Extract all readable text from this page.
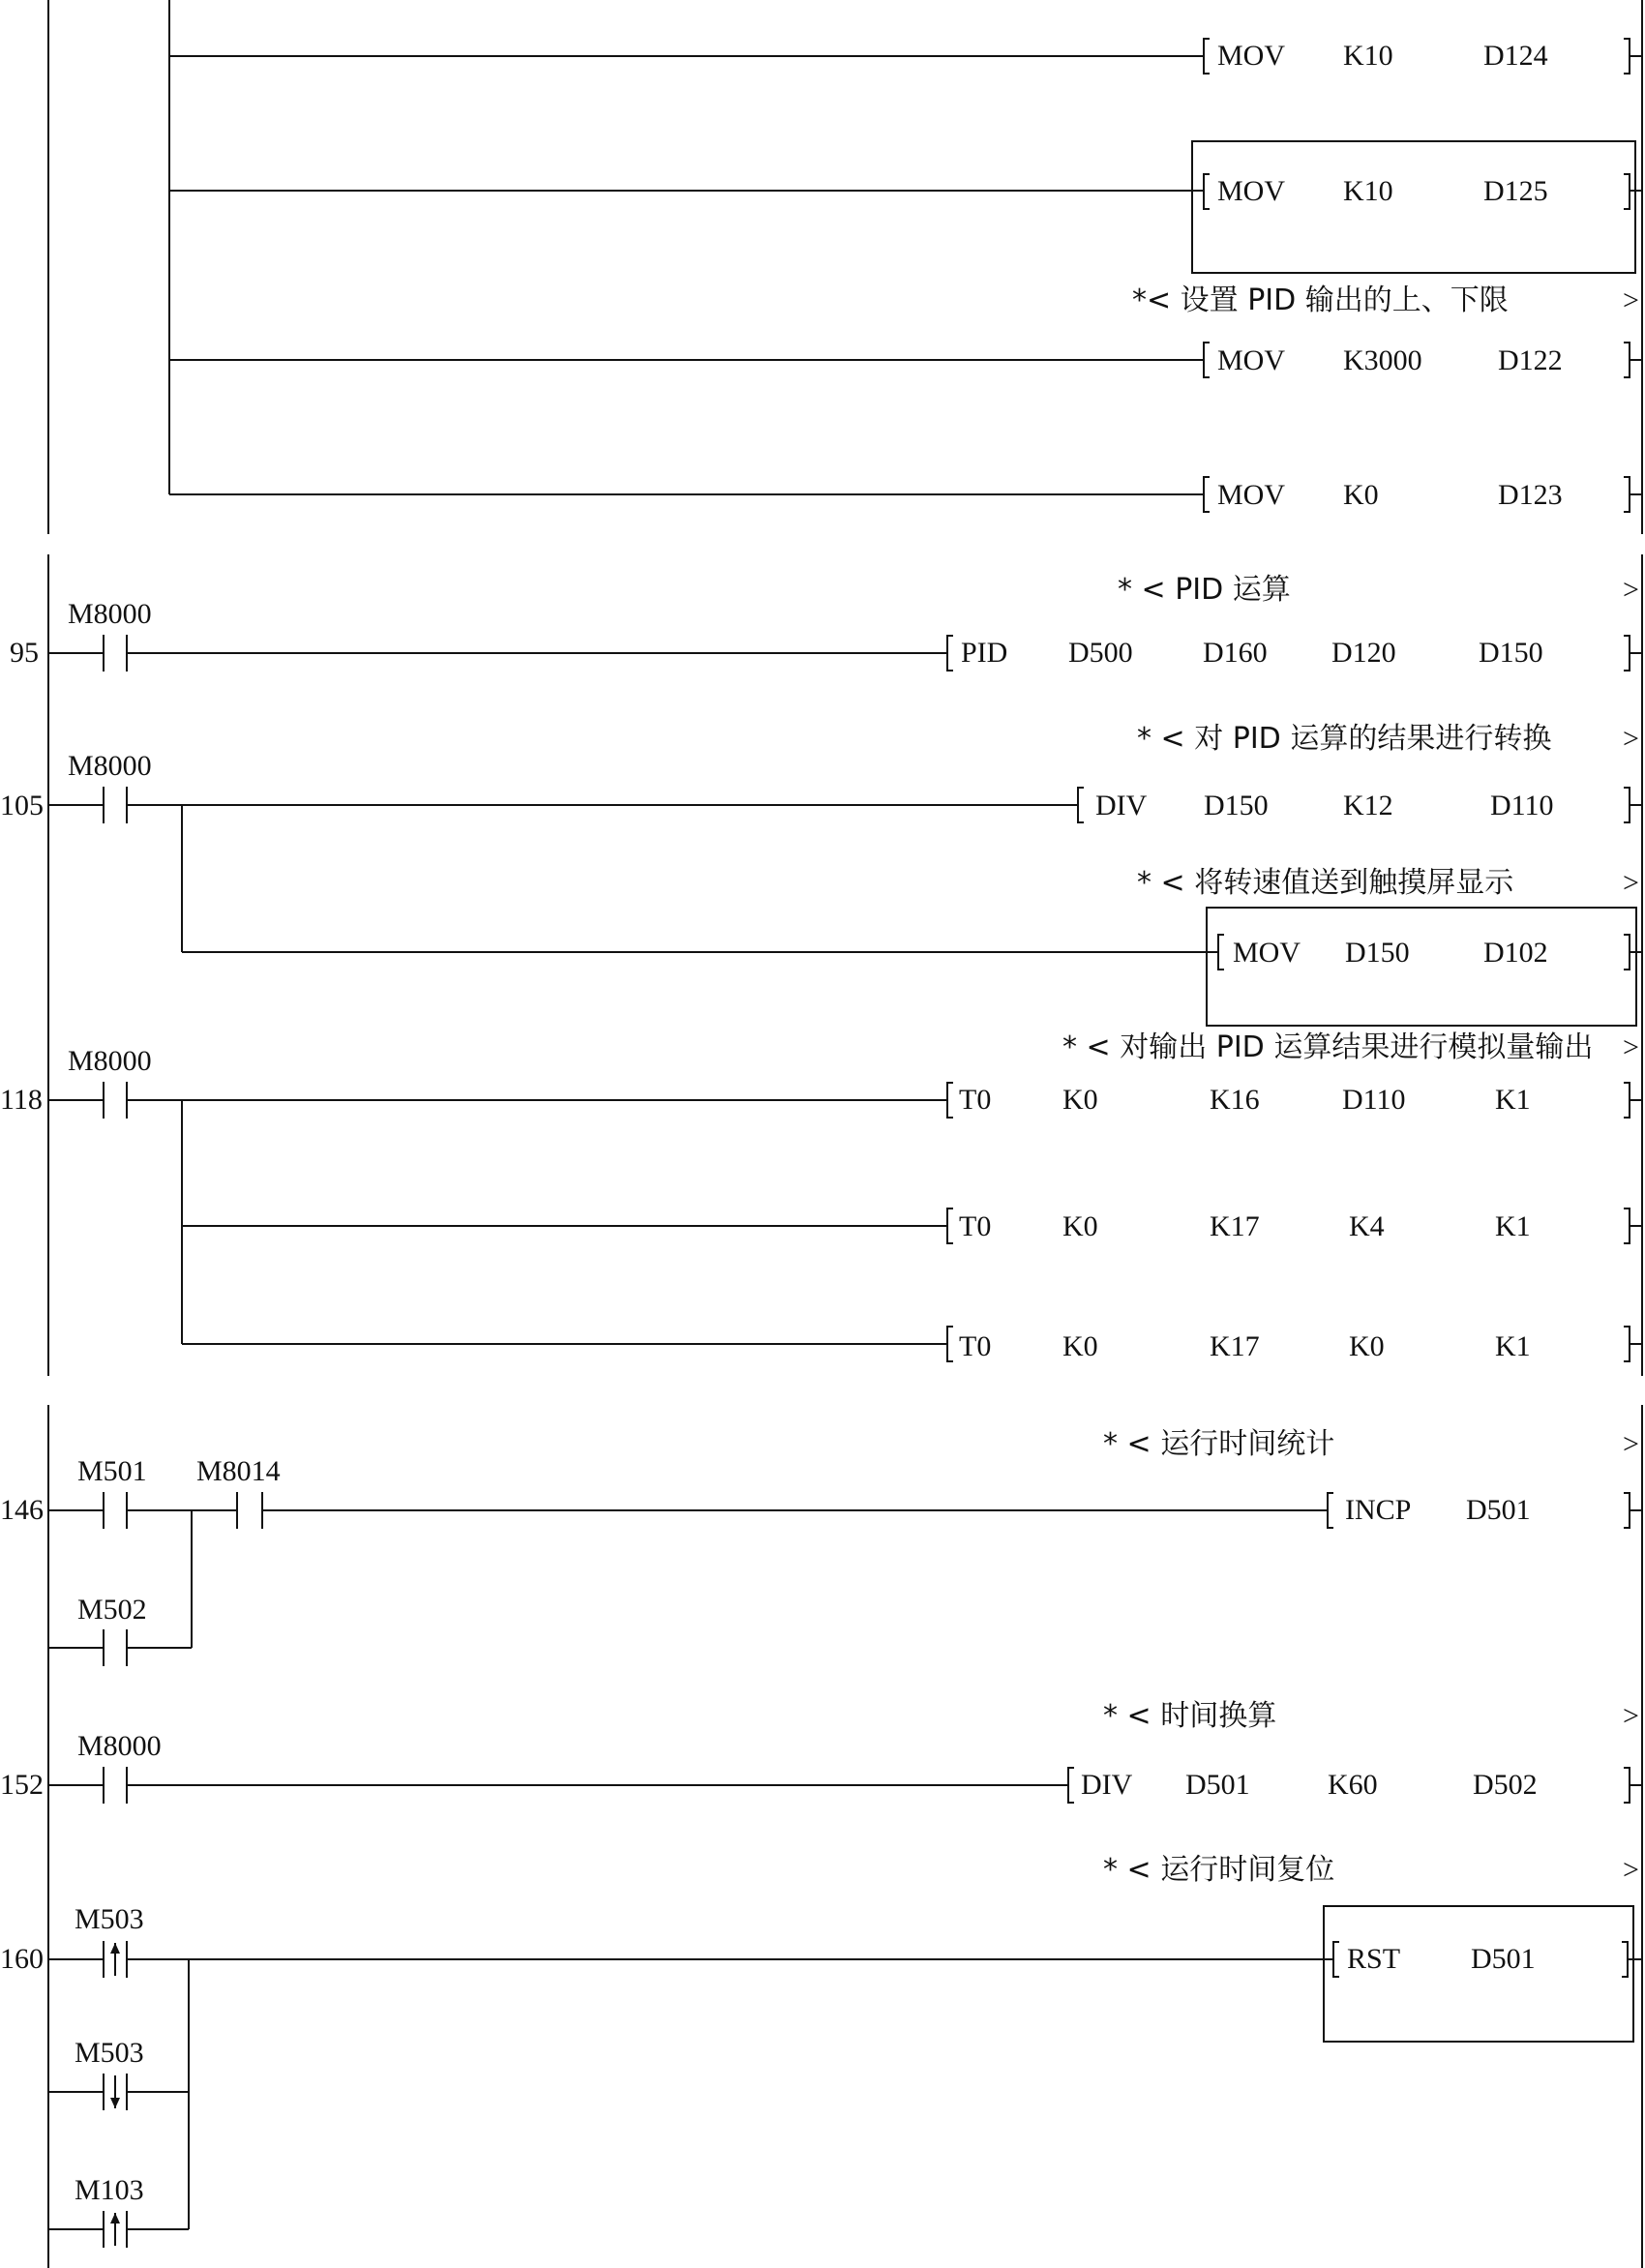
MOV K10	D124
MOV K10	D125
*< 设置 PID 输出的上、下限	>
MOV K3000	D122
MOV K0	D123
* < PID 运算	>
95
M8000
PID D500 D160 D120	D150
* < 对 PID 运算的结果进行转换 >
105
M8000
DIV D150	K12	D110
* < 将转速值送到触摸屏显示	>
MOV D150	D102
* < 对输出 PID 运算结果进行模拟量输出 >
118
M8000
T0 K0	K16	D110	K1
T0 K0	K17	K4	K1
T0 K0	K17	K0	K1
* < 运行时间统计	>
146
M501 M8014
M502
INCP D501
* < 时间换算	>
152
M8000
DIV D501	K60	D502
* < 运行时间复位	>
160
M503
M503
M103
RST D501
